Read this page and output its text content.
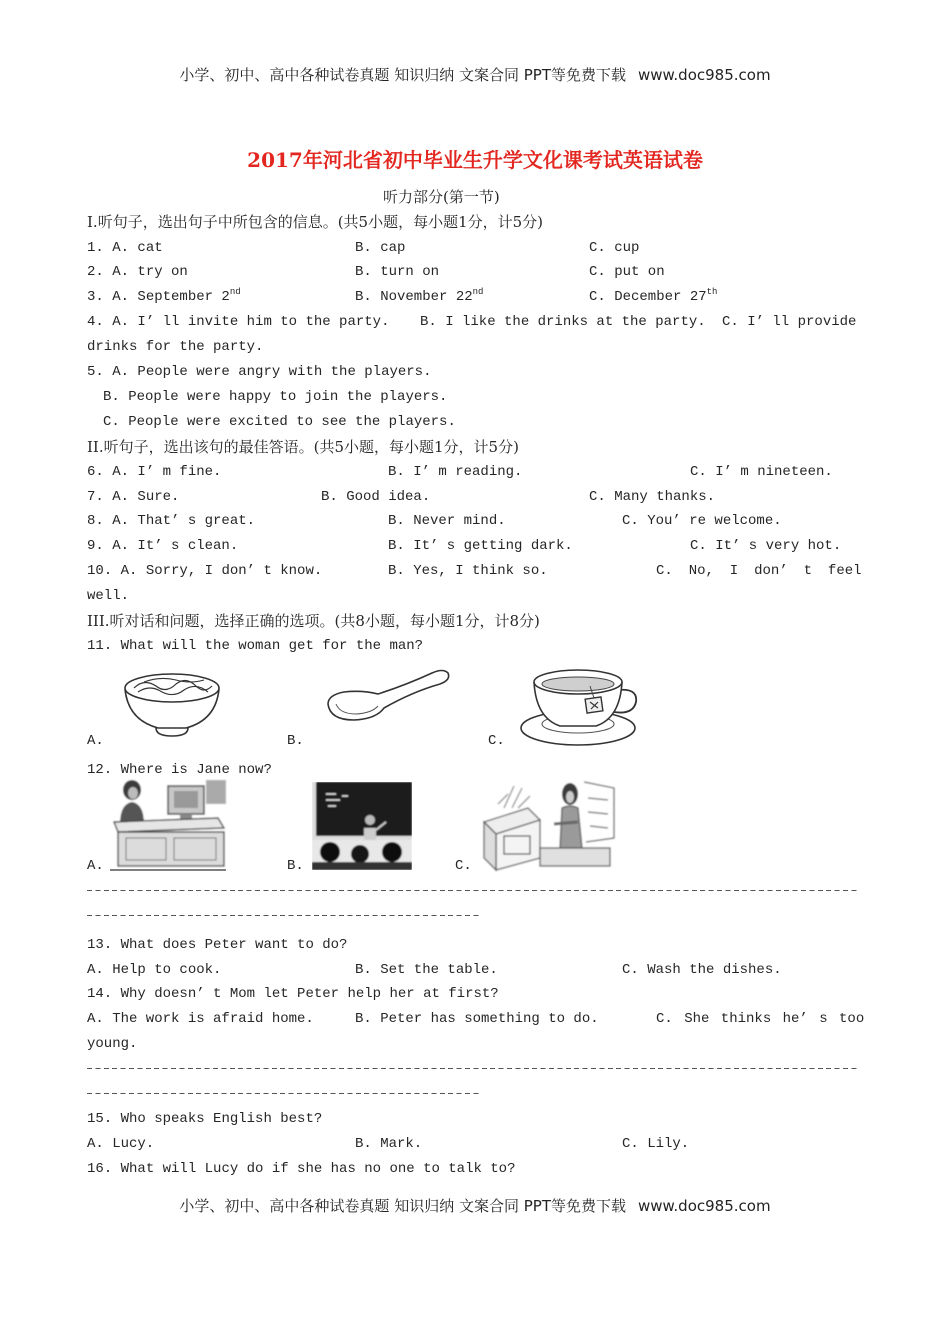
小学、初中、高中各种试卷真题 知识归纳 文案合同 PPT等免费下载 www.doc985.com
2017年河北省初中毕业生升学文化课考试英语试卷
听力部分(第一节)
I.听句子，选出句子中所包含的信息。(共5小题，每小题1分，计5分)
1. A. cat	B. cap	C. cup
2. A. try on	B. turn on	C. put on
3. A. September 2nd	B. November 22nd	C. December 27th
4. A. I’ ll invite him to the party. B. I like the drinks at the party. C. I’ ll provide
drinks for the party.
5. A. People were angry with the players.
B. People were happy to join the players.
C. People were excited to see the players.
II.听句子，选出该句的最佳答语。(共5小题，每小题1分，计5分)
6. A. I’ m fine.	B. I’ m reading.	C. I’ m nineteen.
7. A. Sure.	B. Good idea.	C. Many thanks.
8. A. That’ s great.	B. Never mind.	C. You’ re welcome.
9. A. It’ s clean.	B. It’ s getting dark.	C. It’ s very hot.
10. A. Sorry, I don’ t know.	B. Yes, I think so.	C. No, I don’ t feel
well.
III.听对话和问题，选择正确的选项。(共8小题，每小题1分，计8分)
11. What will the woman get for the man?
A.	B.	C.
12. Where is Jane now?
A.	B.	C.
13. What does Peter want to do?
A. Help to cook.	B. Set the table.	C. Wash the dishes.
14. Why doesn’ t Mom let Peter help her at first?
A. The work is afraid home.	B. Peter has something to do.	C. She thinks he’ s too
young.
15. Who speaks English best?
A. Lucy.	B. Mark.	C. Lily.
16. What will Lucy do if she has no one to talk to?
小学、初中、高中各种试卷真题 知识归纳 文案合同 PPT等免费下载 www.doc985.com
